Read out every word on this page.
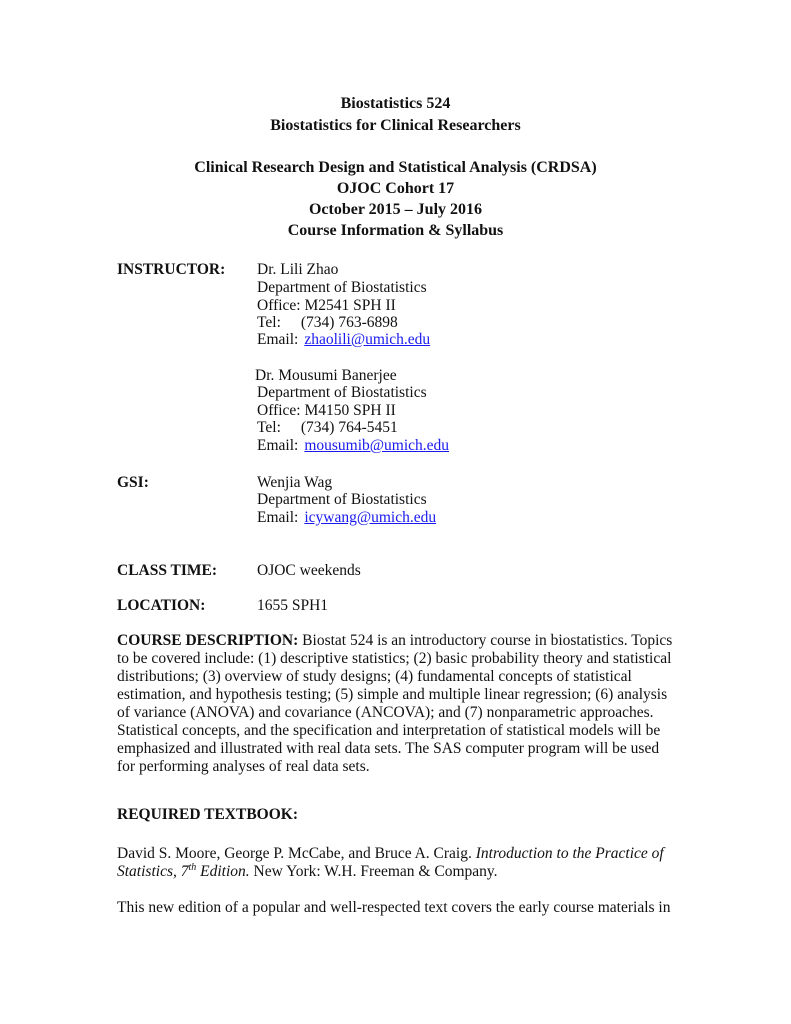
Biostatistics 524
Biostatistics for Clinical Researchers
Clinical Research Design and Statistical Analysis (CRDSA)
OJOC Cohort 17
October 2015 – July 2016
Course Information & Syllabus
INSTRUCTOR: Dr. Lili Zhao
Department of Biostatistics
Office: M2541 SPH II
Tel: (734) 763-6898
Email: zhaolili@umich.edu
Dr. Mousumi Banerjee
Department of Biostatistics
Office: M4150 SPH II
Tel: (734) 764-5451
Email: mousumib@umich.edu
GSI:	Wenjia Wag
Department of Biostatistics
Email: icywang@umich.edu
CLASS TIME:	OJOC weekends
LOCATION:	1655 SPH1
COURSE DESCRIPTION: Biostat 524 is an introductory course in biostatistics. Topics to be covered include: (1) descriptive statistics; (2) basic probability theory and statistical distributions; (3) overview of study designs; (4) fundamental concepts of statistical estimation, and hypothesis testing; (5) simple and multiple linear regression; (6) analysis of variance (ANOVA) and covariance (ANCOVA); and (7) nonparametric approaches. Statistical concepts, and the specification and interpretation of statistical models will be emphasized and illustrated with real data sets. The SAS computer program will be used for performing analyses of real data sets.
REQUIRED TEXTBOOK:
David S. Moore, George P. McCabe, and Bruce A. Craig. Introduction to the Practice of Statistics, 7th Edition. New York: W.H. Freeman & Company.
This new edition of a popular and well-respected text covers the early course materials in
